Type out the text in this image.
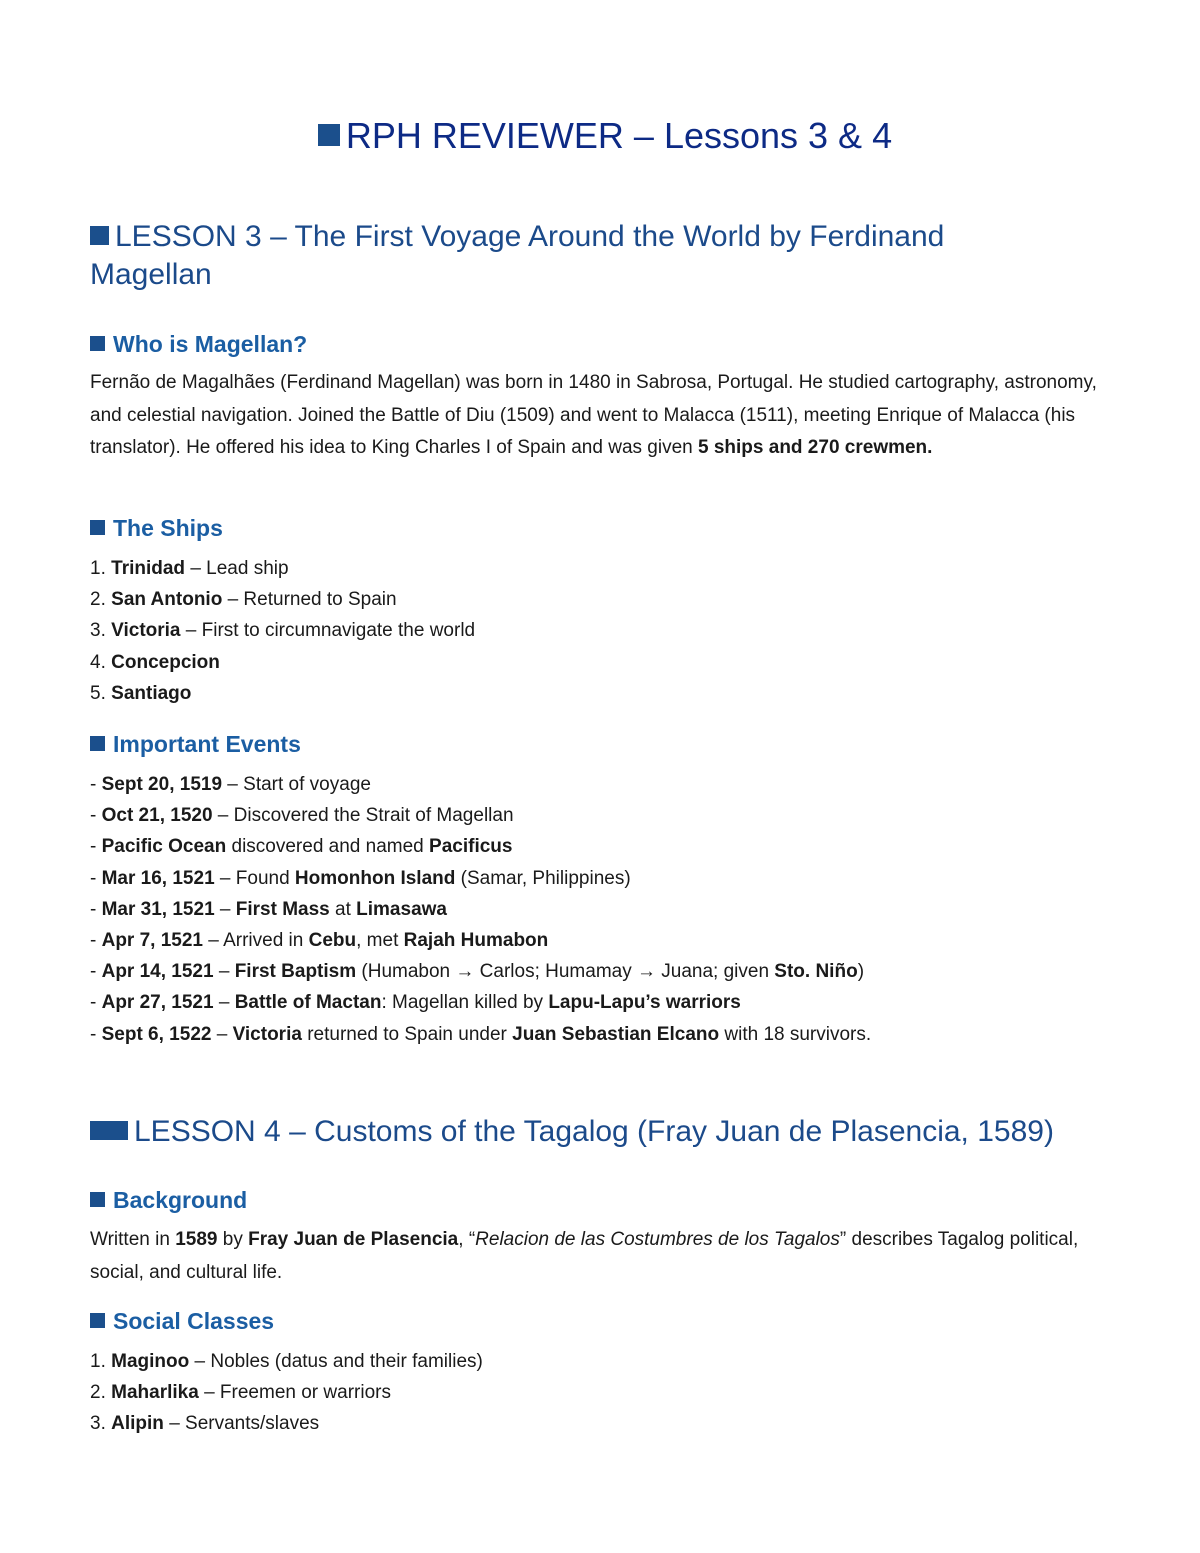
RPH REVIEWER – Lessons 3 & 4
LESSON 3 – The First Voyage Around the World by Ferdinand
Magellan
Who is Magellan?

Fernão de Magalhães (Ferdinand Magellan) was born in 1480 in Sabrosa, Portugal. He studied cartography, astronomy, and celestial navigation. Joined the Battle of Diu (1509) and went to Malacca (1511), meeting Enrique of Malacca (his translator). He offered his idea to King Charles I of Spain and was given 5 ships and 270 crewmen.

The Ships
1. Trinidad – Lead ship
2. San Antonio – Returned to Spain
3. Victoria – First to circumnavigate the world
4. Concepcion
5. Santiago
Important Events
- Sept 20, 1519 – Start of voyage
- Oct 21, 1520 – Discovered the Strait of Magellan
- Pacific Ocean discovered and named Pacificus
- Mar 16, 1521 – Found Homonhon Island (Samar, Philippines)
- Mar 31, 1521 – First Mass at Limasawa
- Apr 7, 1521 – Arrived in Cebu, met Rajah Humabon
- Apr 14, 1521 – First Baptism (Humabon → Carlos; Humamay → Juana; given Sto. Niño)
- Apr 27, 1521 – Battle of Mactan: Magellan killed by Lapu-Lapu’s warriors
- Sept 6, 1522 – Victoria returned to Spain under Juan Sebastian Elcano with 18 survivors.
LESSON 4 – Customs of the Tagalog (Fray Juan de Plasencia, 1589)
Background

Written in 1589 by Fray Juan de Plasencia, “Relacion de las Costumbres de los Tagalos” describes Tagalog political, social, and cultural life.

Social Classes
1. Maginoo – Nobles (datus and their families)
2. Maharlika – Freemen or warriors
3. Alipin – Servants/slaves
